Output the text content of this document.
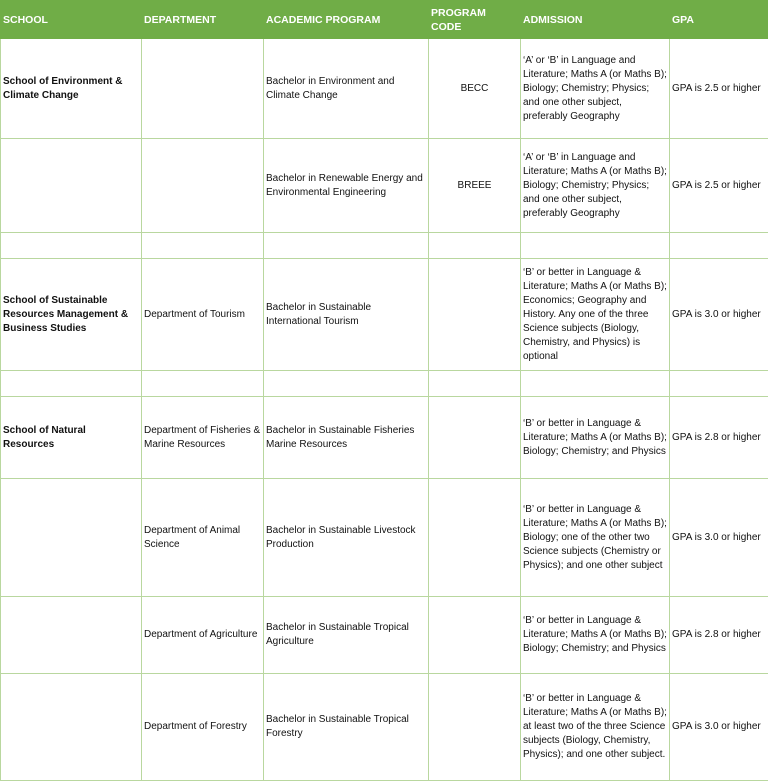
SCHOOL	DEPARTMENT	ACADEMIC PROGRAM	PROGRAM CODE	ADMISSION	GPA
School of Environment & Climate Change		Bachelor in Environment and Climate Change	BECC	‘A’ or ‘B’ in Language and Literature; Maths A (or Maths B); Biology; Chemistry; Physics; and one other subject, preferably Geography	GPA is 2.5 or higher
		Bachelor in Renewable Energy and Environmental Engineering	BREEE	‘A’ or ‘B’ in Language and Literature; Maths A (or Maths B); Biology; Chemistry; Physics; and one other subject, preferably Geography	GPA is 2.5 or higher

School of Sustainable Resources Management & Business Studies	Department of Tourism	Bachelor in Sustainable International Tourism		‘B’ or better in Language & Literature; Maths A (or Maths B); Economics; Geography and History. Any one of the three Science subjects (Biology, Chemistry, and Physics) is optional	GPA is 3.0 or higher

School of Natural Resources	Department of Fisheries & Marine Resources	Bachelor in Sustainable Fisheries Marine Resources		‘B’ or better in Language & Literature; Maths A (or Maths B); Biology; Chemistry; and Physics	GPA is 2.8 or higher
	Department of Animal Science	Bachelor in Sustainable Livestock Production		‘B’ or better in Language & Literature; Maths A (or Maths B); Biology; one of the other two Science subjects (Chemistry or Physics); and one other subject	GPA is 3.0 or higher
	Department of Agriculture	Bachelor in Sustainable Tropical Agriculture		‘B’ or better in Language & Literature; Maths A (or Maths B); Biology; Chemistry; and Physics	GPA is 2.8 or higher
	Department of Forestry	Bachelor in Sustainable Tropical Forestry		‘B’ or better in Language & Literature; Maths A (or Maths B); at least two of the three Science subjects (Biology, Chemistry, Physics); and one other subject.	GPA is 3.0 or higher
